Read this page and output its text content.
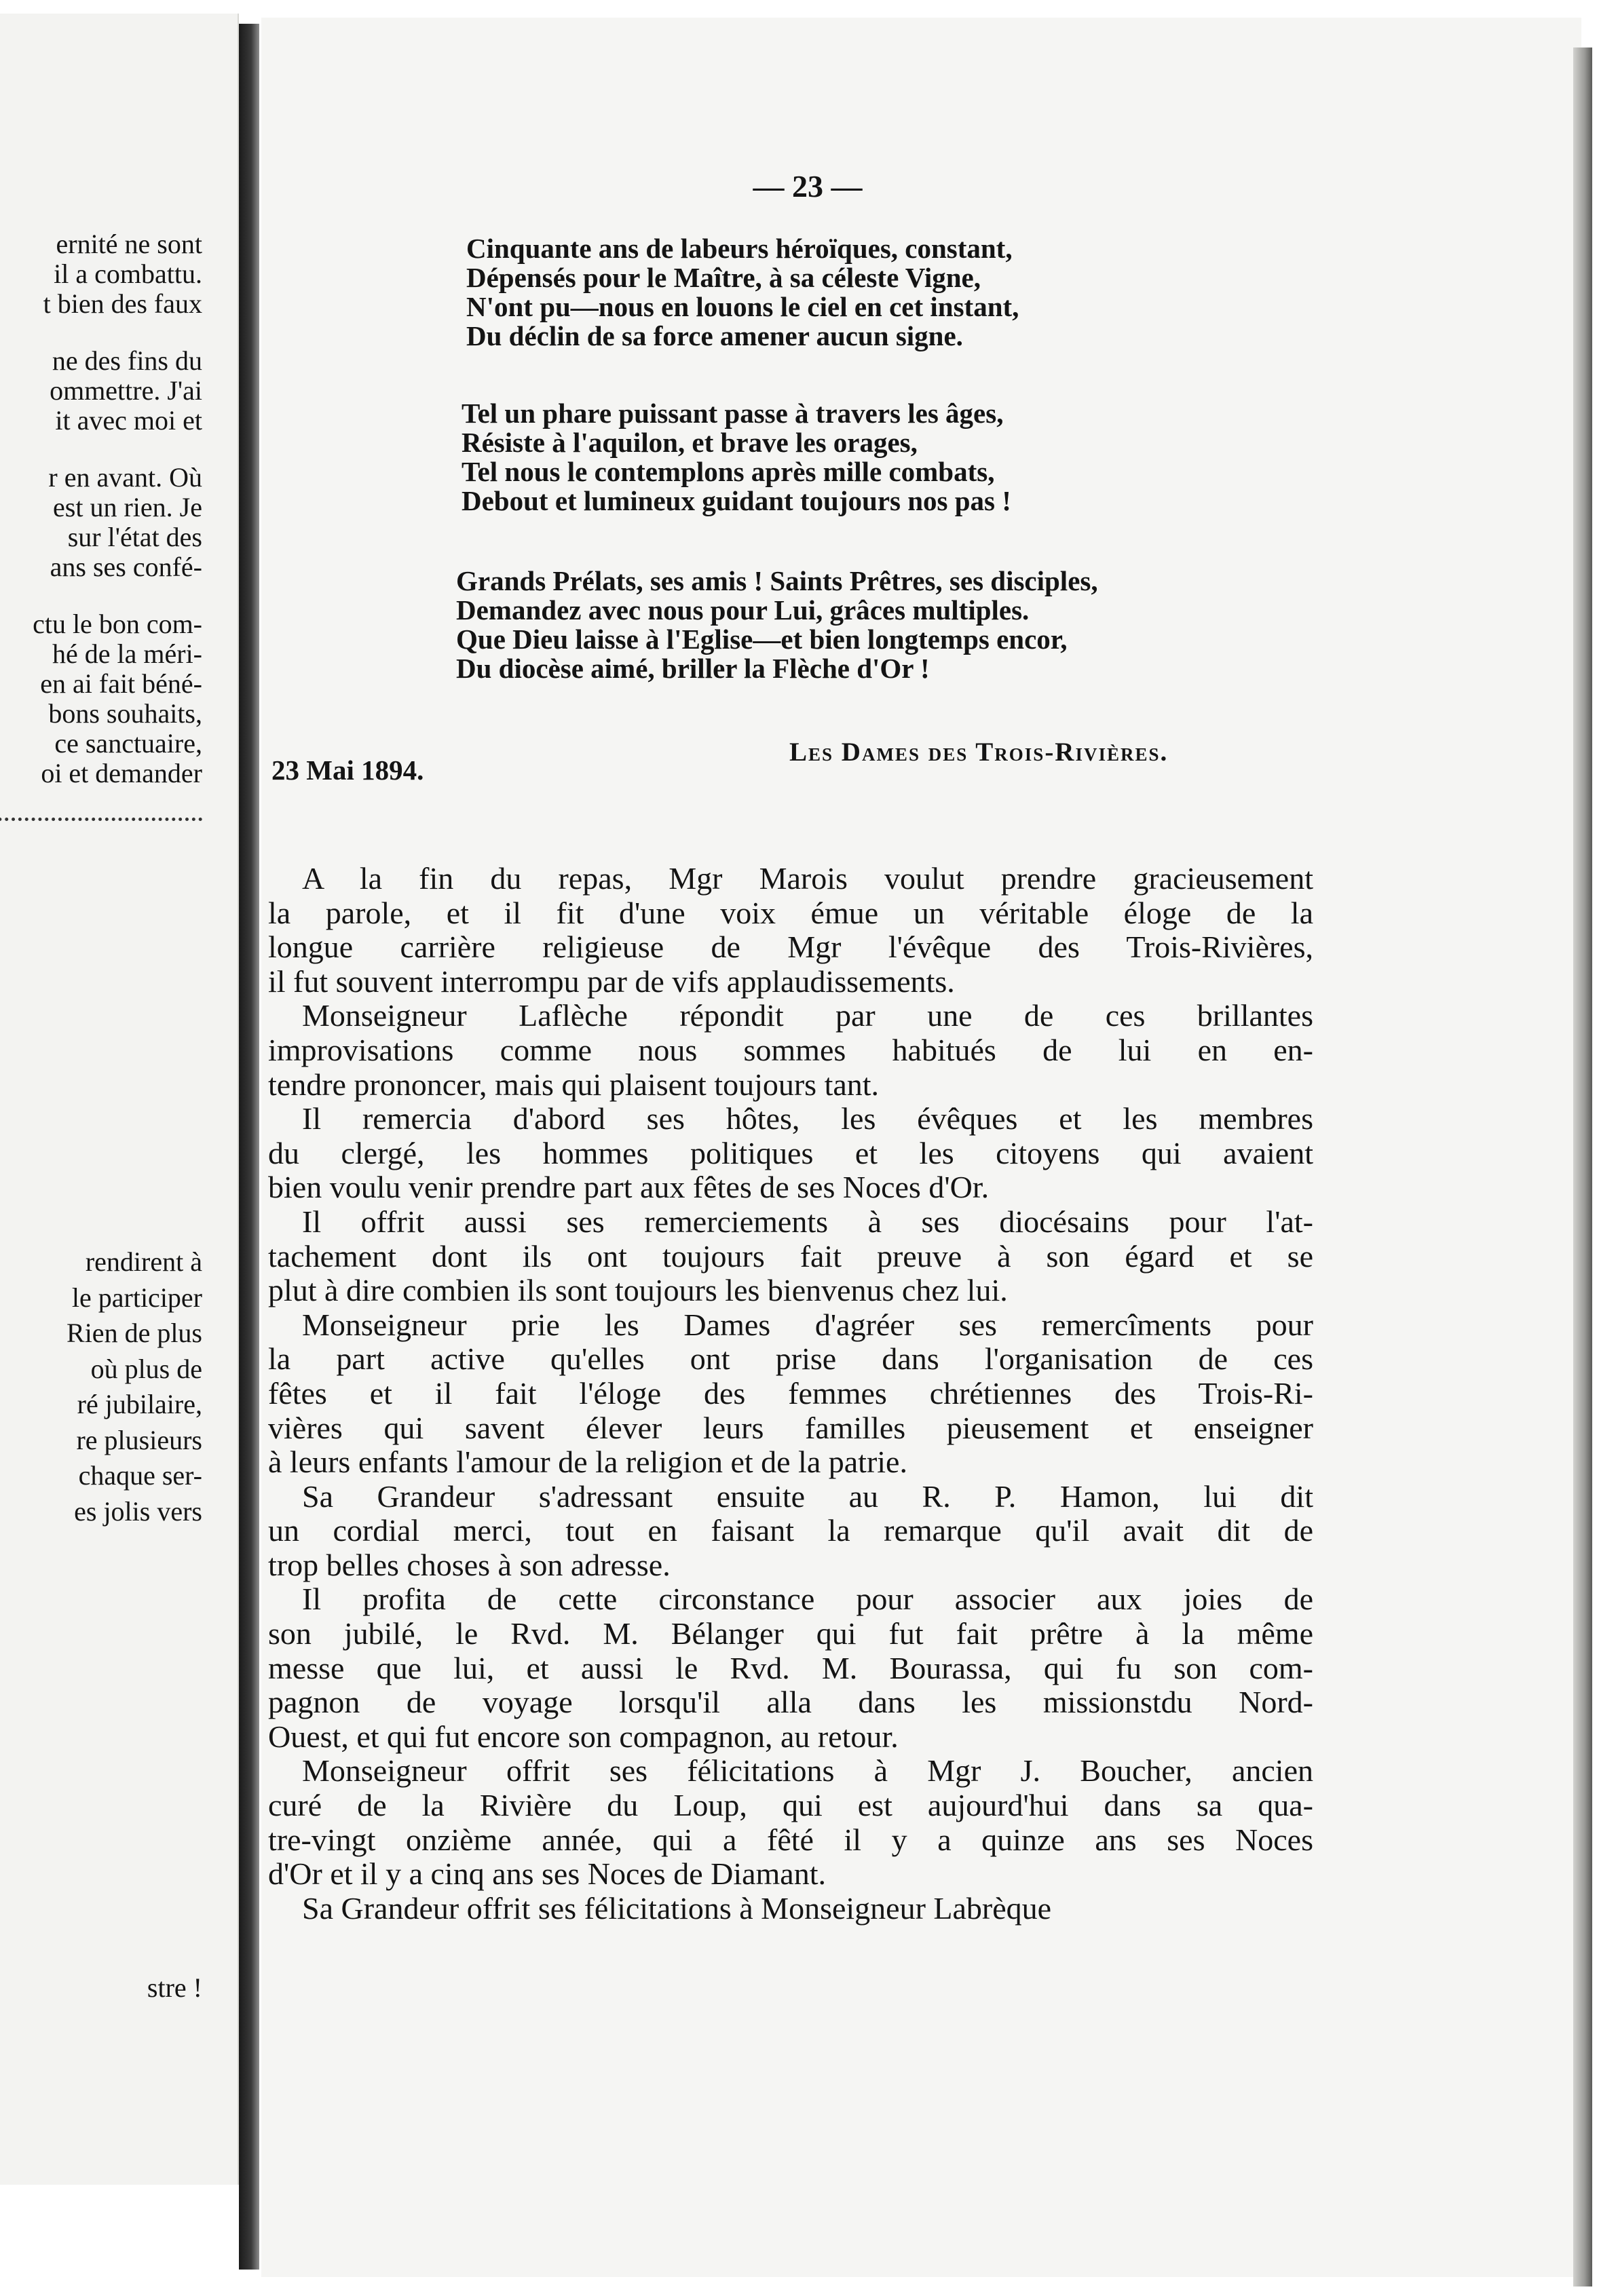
ernité ne sont
il a combattu.
t bien des faux
ne des fins du
ommettre. J'ai
it avec moi et
r en avant. Où
est un rien. Je
sur l'état des
ans ses confé-
ctu le bon com-
hé de la méri-
en ai fait béné-
bons souhaits,
ce sanctuaire,
oi et demander
rendirent à
le participer
Rien de plus
où plus de
ré jubilaire,
re plusieurs
chaque ser-
es jolis vers
stre !
— 23 —
Cinquante ans de labeurs héroïques, constant,
Dépensés pour le Maître, à sa céleste Vigne,
N'ont pu—nous en louons le ciel en cet instant,
Du déclin de sa force amener aucun signe.
Tel un phare puissant passe à travers les âges,
Résiste à l'aquilon, et brave les orages,
Tel nous le contemplons après mille combats,
Debout et lumineux guidant toujours nos pas !
Grands Prélats, ses amis ! Saints Prêtres, ses disciples,
Demandez avec nous pour Lui, grâces multiples.
Que Dieu laisse à l'Eglise—et bien longtemps encor,
Du diocèse aimé, briller la Flèche d'Or !
Les Dames des Trois-Rivières.
23 Mai 1894.

A la fin du repas, Mgr Marois voulut prendre gracieusement
la parole, et il fit d'une voix émue un véritable éloge de la
longue carrière religieuse de Mgr l'évêque des Trois-Rivières,
il fut souvent interrompu par de vifs applaudissements.

Monseigneur Laflèche répondit par une de ces brillantes
improvisations comme nous sommes habitués de lui en en-
tendre prononcer, mais qui plaisent toujours tant.

Il remercia d'abord ses hôtes, les évêques et les membres
du clergé, les hommes politiques et les citoyens qui avaient
bien voulu venir prendre part aux fêtes de ses Noces d'Or.

Il offrit aussi ses remerciements à ses diocésains pour l'at-
tachement dont ils ont toujours fait preuve à son égard et se
plut à dire combien ils sont toujours les bienvenus chez lui.

Monseigneur prie les Dames d'agréer ses remercîments pour
la part active qu'elles ont prise dans l'organisation de ces
fêtes et il fait l'éloge des femmes chrétiennes des Trois-Ri-
vières qui savent élever leurs familles pieusement et enseigner
à leurs enfants l'amour de la religion et de la patrie.

Sa Grandeur s'adressant ensuite au R. P. Hamon, lui dit
un cordial merci, tout en faisant la remarque qu'il avait dit de
trop belles choses à son adresse.

Il profita de cette circonstance pour associer aux joies de
son jubilé, le Rvd. M. Bélanger qui fut fait prêtre à la même
messe que lui, et aussi le Rvd. M. Bourassa, qui fu son com-
pagnon de voyage lorsqu'il alla dans les missionstdu Nord-
Ouest, et qui fut encore son compagnon, au retour.

Monseigneur offrit ses félicitations à Mgr J. Boucher, ancien
curé de la Rivière du Loup, qui est aujourd'hui dans sa qua-
tre-vingt onzième année, qui a fêté il y a quinze ans ses Noces
d'Or et il y a cinq ans ses Noces de Diamant.

Sa Grandeur offrit ses félicitations à Monseigneur Labrèque
